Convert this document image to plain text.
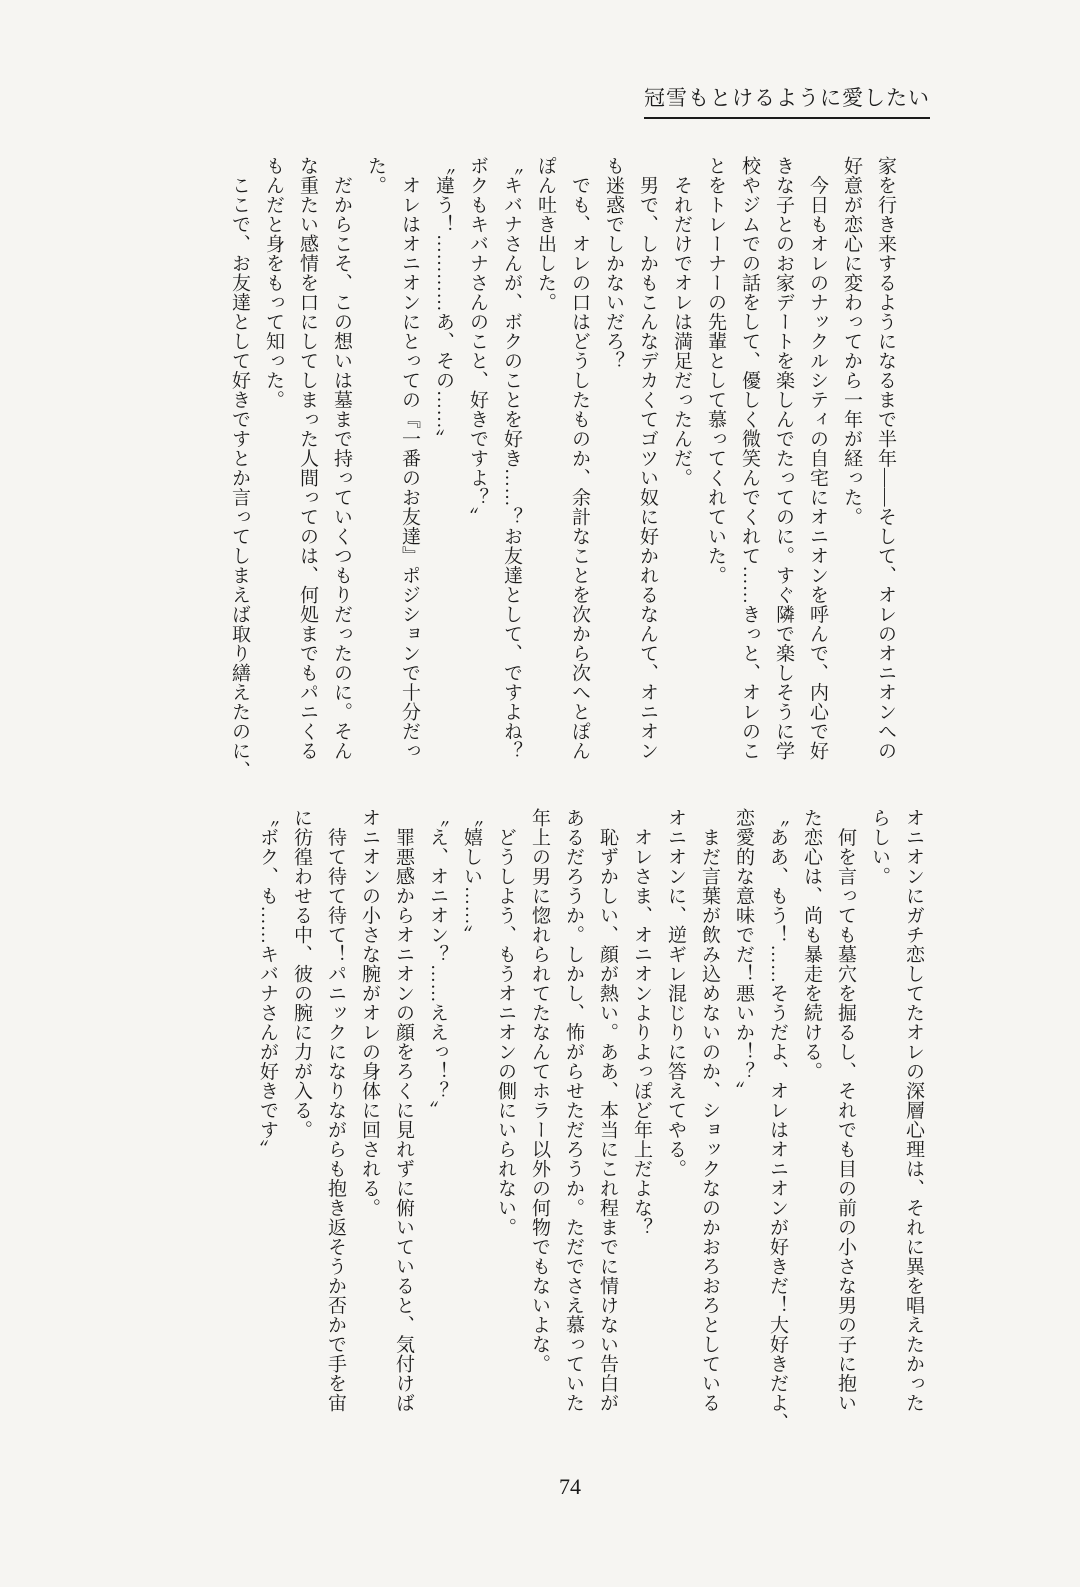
冠雪もとけるように愛したい
家を行き来するようになるまで半年――そして、オレのオニオンへの
好意が恋心に変わってから一年が経った。
　今日もオレのナックルシティの自宅にオニオンを呼んで、内心で好
きな子とのお家デートを楽しんでたってのに。すぐ隣で楽しそうに学
校やジムでの話をして、優しく微笑んでくれて……きっと、オレのこ
とをトレーナーの先輩として慕ってくれていた。
　それだけでオレは満足だったんだ。
　男で、しかもこんなデカくてゴツい奴に好かれるなんて、オニオン
も迷惑でしかないだろ？
　でも、オレの口はどうしたものか、余計なことを次から次へとぽん
ぽん吐き出した。
〝キバナさんが、ボクのことを好き……？お友達として、ですよね？
ボクもキバナさんのこと、好きですよ？〟
〝違う！…………あ、その……〟
　オレはオニオンにとっての『一番のお友達』ポジションで十分だっ
た。
　だからこそ、この想いは墓まで持っていくつもりだったのに。そん
な重たい感情を口にしてしまった人間ってのは、何処までもパニくる
もんだと身をもって知った。
　ここで、お友達として好きですとか言ってしまえば取り繕えたのに、
オニオンにガチ恋してたオレの深層心理は、それに異を唱えたかった
らしい。
　何を言っても墓穴を掘るし、それでも目の前の小さな男の子に抱い
た恋心は、尚も暴走を続ける。
〝ああ、もう！……そうだよ、オレはオニオンが好きだ！大好きだよ、
恋愛的な意味でだ！悪いか！？〟
　まだ言葉が飲み込めないのか、ショックなのかおろおろとしている
オニオンに、逆ギレ混じりに答えてやる。
　オレさま、オニオンよりよっぽど年上だよな？
　恥ずかしい、顔が熱い。ああ、本当にこれ程までに情けない告白が
あるだろうか。しかし、怖がらせただろうか。ただでさえ慕っていた
年上の男に惚れられてたなんてホラー以外の何物でもないよな。
　どうしよう、もうオニオンの側にいられない。
〝嬉しい……〟
〝え、オニオン？……ええっ！？〟
　罪悪感からオニオンの顔をろくに見れずに俯いていると、気付けば
オニオンの小さな腕がオレの身体に回される。
　待て待て待て！パニックになりながらも抱き返そうか否かで手を宙
に彷徨わせる中、彼の腕に力が入る。
〝ボク、も……キバナさんが好きです〟
74
